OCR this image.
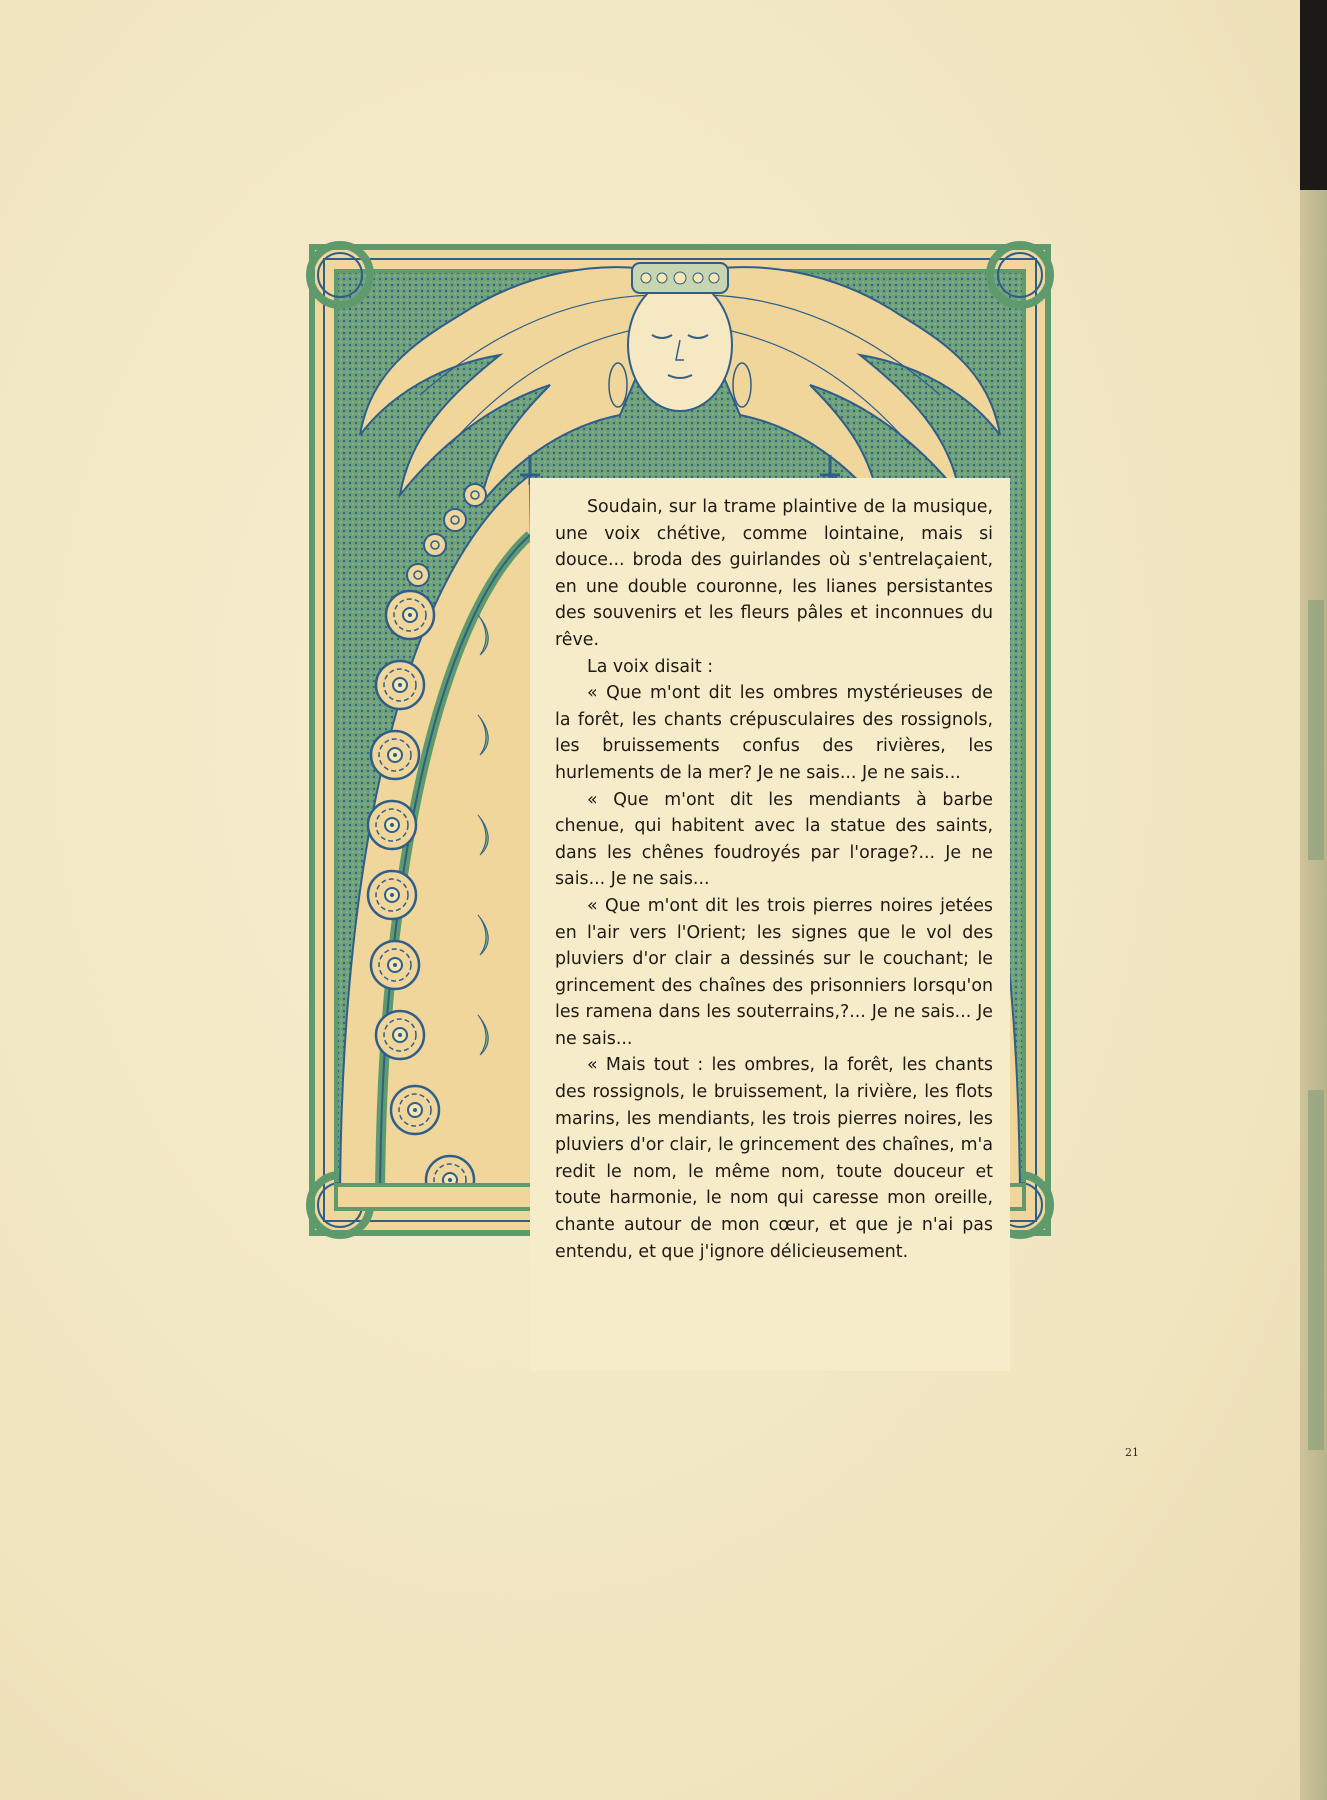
Soudain, sur la trame plaintive de la musique, une voix chétive, comme lointaine, mais si douce... broda des guirlandes où s'entrelaçaient, en une double couronne, les lianes persistantes des souvenirs et les fleurs pâles et inconnues du rêve.

La voix disait :

« Que m'ont dit les ombres mystérieuses de la forêt, les chants crépusculaires des rossignols, les bruissements confus des rivières, les hurlements de la mer? Je ne sais... Je ne sais...

« Que m'ont dit les mendiants à barbe chenue, qui habitent avec la statue des saints, dans les chênes foudroyés par l'orage?... Je ne sais... Je ne sais...

« Que m'ont dit les trois pierres noires jetées en l'air vers l'Orient; les signes que le vol des pluviers d'or clair a dessinés sur le couchant; le grincement des chaînes des prisonniers lorsqu'on les ramena dans les souterrains,?... Je ne sais... Je ne sais...

« Mais tout : les ombres, la forêt, les chants des rossignols, le bruissement, la rivière, les flots marins, les mendiants, les trois pierres noires, les pluviers d'or clair, le grincement des chaînes, m'a redit le nom, le même nom, toute douceur et toute harmonie, le nom qui caresse mon oreille, chante autour de mon cœur, et que je n'ai pas entendu, et que j'ignore délicieusement.

21
